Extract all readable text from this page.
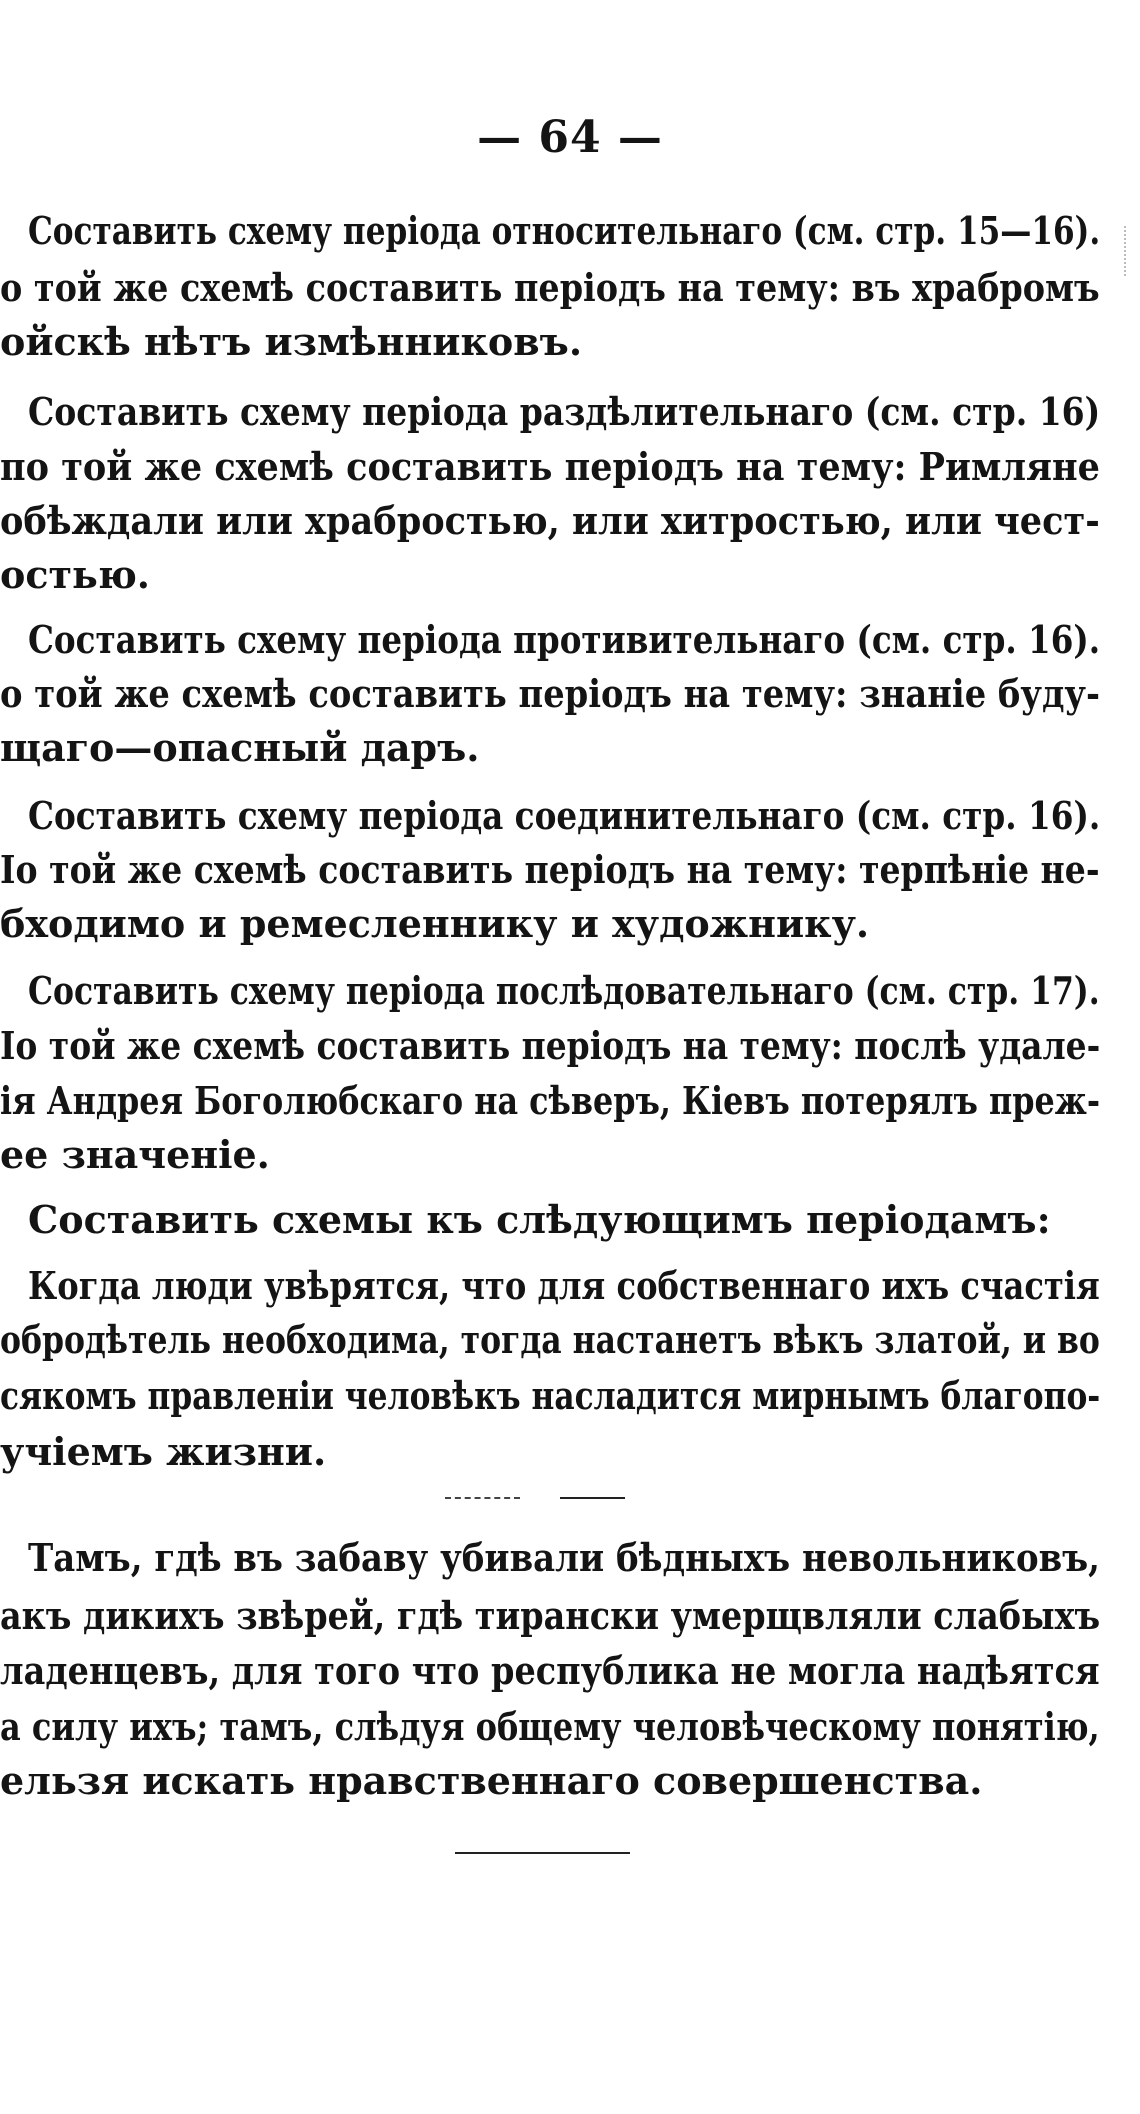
— 64 —
Составить схему періода относительнаго (см. стр. 15—16).
о той же схемѣ составить періодъ на тему: въ храбромъ
ойскѣ нѣтъ измѣнниковъ.
Составить схему періода раздѣлительнаго (см. стр. 16)
по той же схемѣ составить періодъ на тему: Римляне
обѣждали или храбростью, или хитростью, или чест-
остью.
Составить схему періода противительнаго (см. стр. 16).
о той же схемѣ составить періодъ на тему: знаніе буду-
щаго—опасный даръ.
Составить схему періода соединительнаго (см. стр. 16).
Іо той же схемѣ составить періодъ на тему: терпѣніе не-
бходимо и ремесленнику и художнику.
Составить схему періода послѣдовательнаго (см. стр. 17).
Іо той же схемѣ составить періодъ на тему: послѣ удале-
ія Андрея Боголюбскаго на сѣверъ, Кіевъ потерялъ преж-
ее значеніе.
Составить схемы къ слѣдующимъ періодамъ:
Когда люди увѣрятся, что для собственнаго ихъ счастія
обродѣтель необходима, тогда настанетъ вѣкъ златой, и во
сякомъ правленіи человѣкъ насладится мирнымъ благопо-
учіемъ жизни.
Тамъ, гдѣ въ забаву убивали бѣдныхъ невольниковъ,
акъ дикихъ звѣрей, гдѣ тирански умерщвляли слабыхъ
ладенцевъ, для того что республика не могла надѣятся
а силу ихъ; тамъ, слѣдуя общему человѣческому понятію,
ельзя искать нравственнаго совершенства.
